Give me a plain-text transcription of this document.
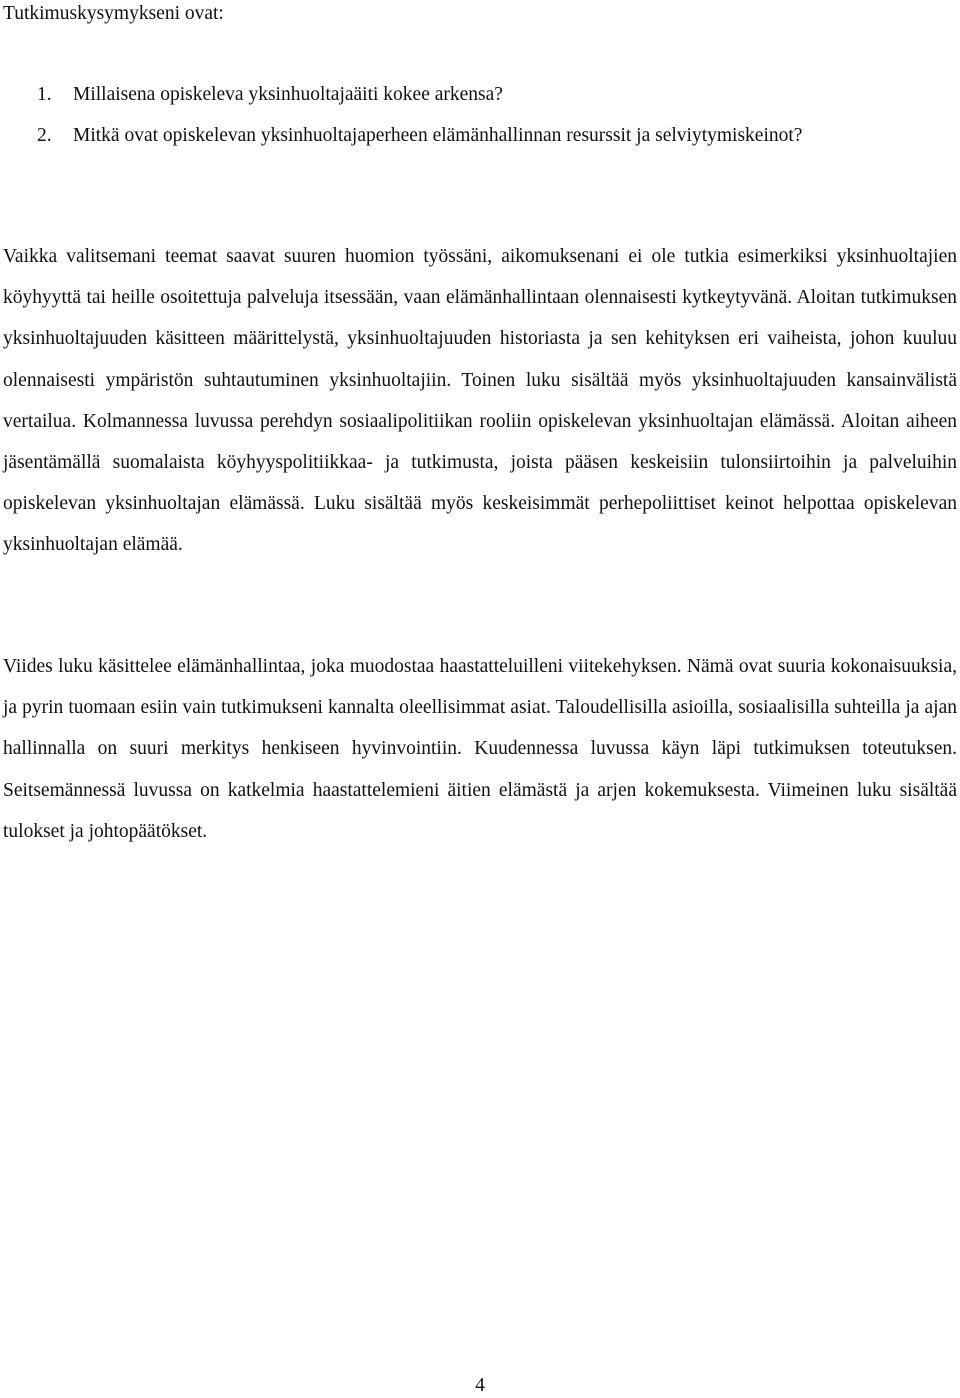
Tutkimuskysymykseni ovat:

1. Millaisena opiskeleva yksinhuoltajaäiti kokee arkensa?
2. Mitkä ovat opiskelevan yksinhuoltajaperheen elämänhallinnan resurssit ja selviytymiskeinot?

Vaikka valitsemani teemat saavat suuren huomion työssäni, aikomuksenani ei ole tutkia esimerkiksi yksinhuoltajien köyhyyttä tai heille osoitettuja palveluja itsessään, vaan elämänhallintaan olennaisesti kytkeytyvänä. Aloitan tutkimuksen yksinhuoltajuuden käsitteen määrittelystä, yksinhuoltajuuden historiasta ja sen kehityksen eri vaiheista, johon kuuluu olennaisesti ympäristön suhtautuminen yksinhuoltajiin. Toinen luku sisältää myös yksinhuoltajuuden kansainvälistä vertailua. Kolmannessa luvussa perehdyn sosiaalipolitiikan rooliin opiskelevan yksinhuoltajan elämässä. Aloitan aiheen jäsentämällä suomalaista köyhyyspolitiikkaa- ja tutkimusta, joista pääsen keskeisiin tulonsiirtoihin ja palveluihin opiskelevan yksinhuoltajan elämässä. Luku sisältää myös keskeisimmät perhepoliittiset keinot helpottaa opiskelevan yksinhuoltajan elämää.

Viides luku käsittelee elämänhallintaa, joka muodostaa haastatteluilleni viitekehyksen. Nämä ovat suuria kokonaisuuksia, ja pyrin tuomaan esiin vain tutkimukseni kannalta oleellisimmat asiat. Taloudellisilla asioilla, sosiaalisilla suhteilla ja ajan hallinnalla on suuri merkitys henkiseen hyvinvointiin. Kuudennessa luvussa käyn läpi tutkimuksen toteutuksen. Seitsemännessä luvussa on katkelmia haastattelemieni äitien elämästä ja arjen kokemuksesta. Viimeinen luku sisältää tulokset ja johtopäätökset.

4
